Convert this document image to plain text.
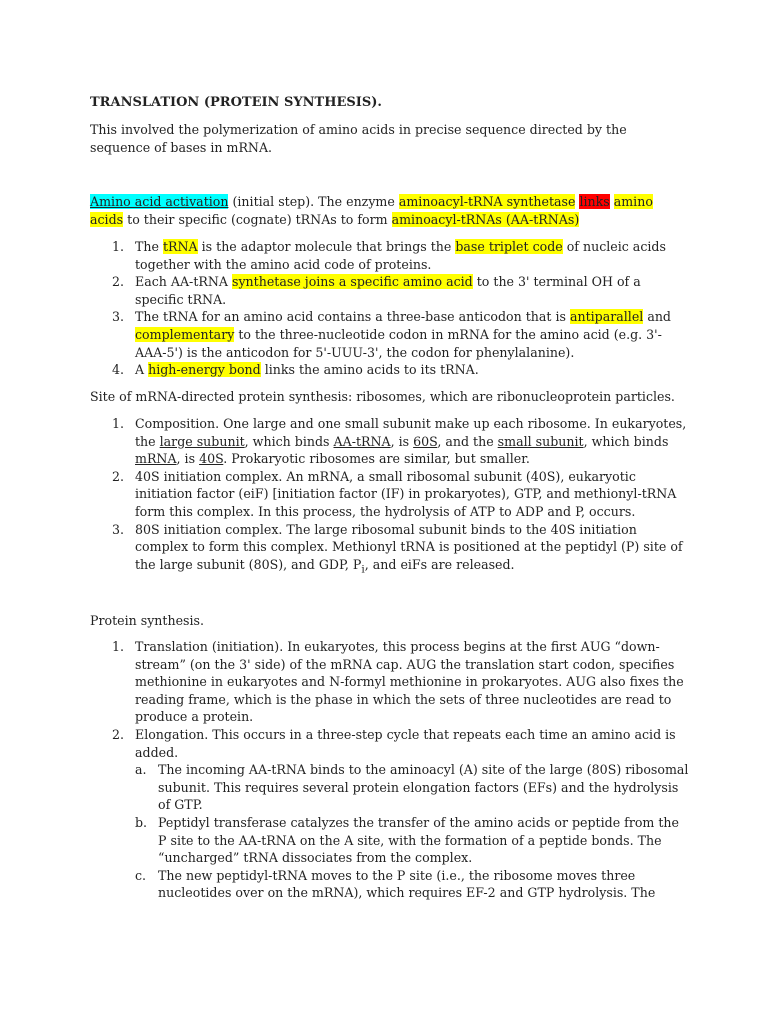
TRANSLATION (PROTEIN SYNTHESIS).
This involved the polymerization of amino acids in precise sequence directed by the sequence of bases in mRNA.
Amino acid activation (initial step). The enzyme aminoacyl-tRNA synthetase links amino acids to their specific (cognate) tRNAs to form aminoacyl-tRNAs (AA-tRNAs)
1. The tRNA is the adaptor molecule that brings the base triplet code of nucleic acids together with the amino acid code of proteins.
2. Each AA-tRNA synthetase joins a specific amino acid to the 3' terminal OH of a specific tRNA.
3. The tRNA for an amino acid contains a three-base anticodon that is antiparallel and complementary to the three-nucleotide codon in mRNA for the amino acid (e.g. 3'-AAA-5') is the anticodon for 5'-UUU-3', the codon for phenylalanine).
4. A high-energy bond links the amino acids to its tRNA.
Site of mRNA-directed protein synthesis: ribosomes, which are ribonucleoprotein particles.
1. Composition. One large and one small subunit make up each ribosome. In eukaryotes, the large subunit, which binds AA-tRNA, is 60S, and the small subunit, which binds mRNA, is 40S. Prokaryotic ribosomes are similar, but smaller.
2. 40S initiation complex. An mRNA, a small ribosomal subunit (40S), eukaryotic initiation factor (eiF) [initiation factor (IF) in prokaryotes), GTP, and methionyl-tRNA form this complex. In this process, the hydrolysis of ATP to ADP and P, occurs.
3. 80S initiation complex. The large ribosomal subunit binds to the 40S initiation complex to form this complex. Methionyl tRNA is positioned at the peptidyl (P) site of the large subunit (80S), and GDP, $P_i$, and eiFs are released.
Protein synthesis.
1. Translation (initiation). In eukaryotes, this process begins at the first AUG “down-stream” (on the 3' side) of the mRNA cap. AUG the translation start codon, specifies methionine in eukaryotes and N-formyl methionine in prokaryotes. AUG also fixes the reading frame, which is the phase in which the sets of three nucleotides are read to produce a protein.
2. Elongation. This occurs in a three-step cycle that repeats each time an amino acid is added.
a. The incoming AA-tRNA binds to the aminoacyl (A) site of the large (80S) ribosomal subunit. This requires several protein elongation factors (EFs) and the hydrolysis of GTP.
b. Peptidyl transferase catalyzes the transfer of the amino acids or peptide from the P site to the AA-tRNA on the A site, with the formation of a peptide bonds. The “uncharged” tRNA dissociates from the complex.
c. The new peptidyl-tRNA moves to the P site (i.e., the ribosome moves three nucleotides over on the mRNA), which requires EF-2 and GTP hydrolysis. The
